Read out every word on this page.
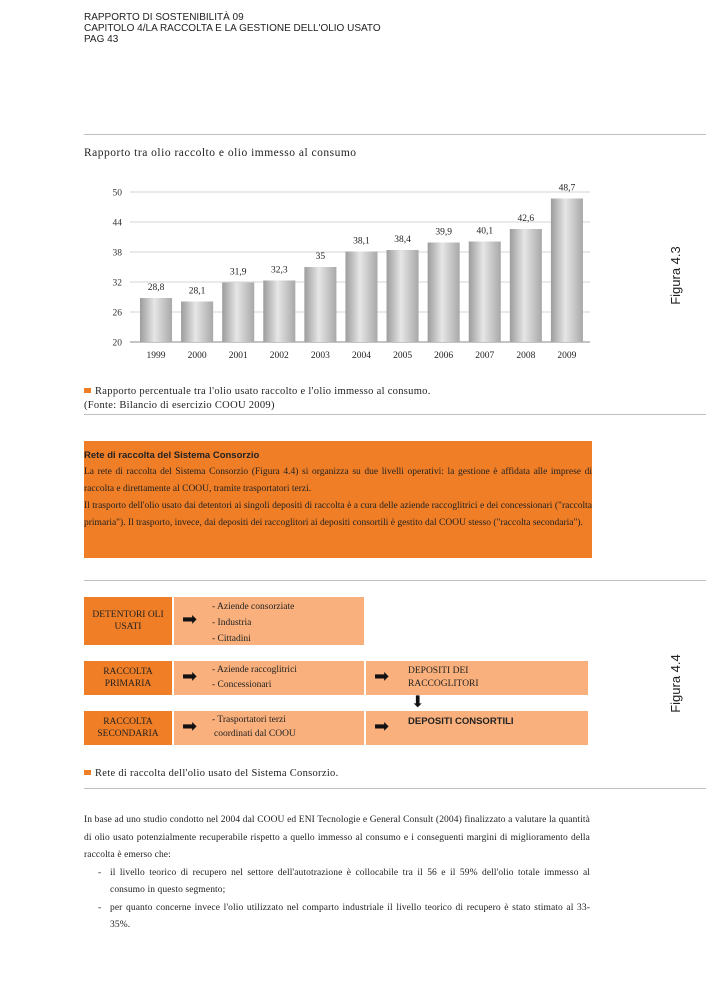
RAPPORTO DI SOSTENIBILITÀ 09
CAPITOLO 4/LA RACCOLTA E LA GESTIONE DELL'OLIO USATO
PAG 43
Rapporto tra olio raccolto e olio immesso al consumo
20
26
32
38
44
50
28,8
1999
28,1
2000
31,9
2001
32,3
2002
35
2003
38,1
2004
38,4
2005
39,9
2006
40,1
2007
42,6
2008
48,7
2009
Figura 4.3
Rapporto percentuale tra l'olio usato raccolto e l'olio immesso al consumo.
(Fonte: Bilancio di esercizio COOU 2009)
Rete di raccolta del Sistema Consorzio

La rete di raccolta del Sistema Consorzio (Figura 4.4) si organizza su due livelli operativi: la gestione è affidata alle imprese di raccolta e direttamente al COOU, tramite trasportatori terzi.

Il trasporto dell'olio usato dai detentori ai singoli depositi di raccolta è a cura delle aziende raccoglitrici e dei concessionari ("raccolta primaria"). Il trasporto, invece, dai depositi dei raccoglitori ai depositi consortili è gestito dal COOU stesso ("raccolta secondaria").

DETENTORI OLI USATI
- Aziende consorziate
- Industria
- Cittadini
➡
RACCOLTA PRIMARIA
- Aziende raccoglitrici
- Concessionari
➡	➡ DEPOSITI DEI RACCOGLITORI
⬇
RACCOLTA SECONDARIA
- Trasportatori terzi
coordinati dal COOU
➡	➡ DEPOSITI CONSORTILI
Figura 4.4
Rete di raccolta dell'olio usato del Sistema Consorzio.
In base ad uno studio condotto nel 2004 dal COOU ed ENI Tecnologie e General Consult (2004) finalizzato a valutare la quantità di olio usato potenzialmente recuperabile rispetto a quello immesso al consumo e i conseguenti margini di miglioramento della raccolta è emerso che:
- il livello teorico di recupero nel settore dell'autotrazione è collocabile tra il 56 e il 59% dell'olio totale immesso al consumo in questo segmento;
- per quanto concerne invece l'olio utilizzato nel comparto industriale il livello teorico di recupero è stato stimato al 33-35%.
